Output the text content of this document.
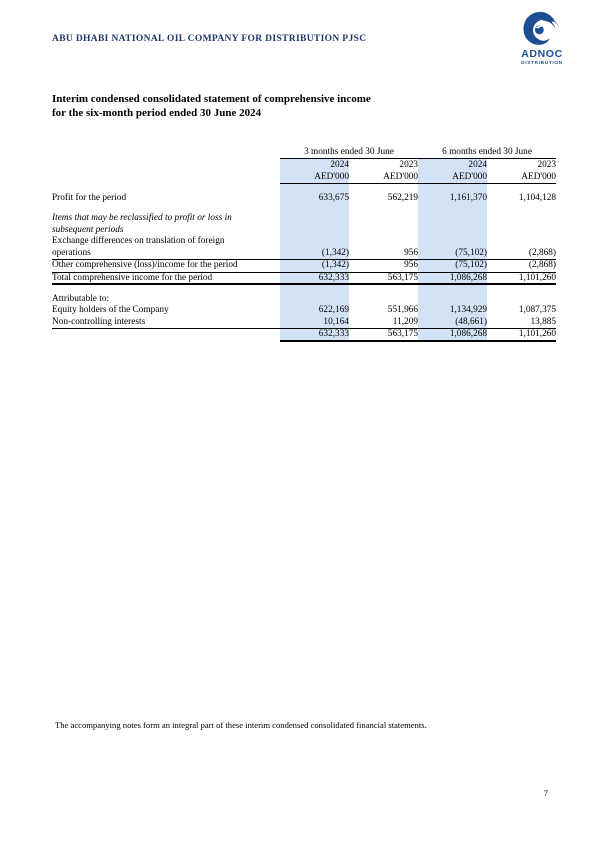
ABU DHABI NATIONAL OIL COMPANY FOR DISTRIBUTION PJSC
ADNOC
DISTRIBUTION
Interim condensed consolidated statement of comprehensive income
for the six-month period ended 30 June 2024
	3 months ended 30 June		6 months ended 30 June	
	2024	2023	2024	2023
	AED'000	AED'000	AED'000	AED'000

Profit for the period	633,675	562,219	1,161,370	1,104,128

Items that may be reclassified to profit or loss in				
subsequent periods				
Exchange differences on translation of foreign				
operations	(1,342)	956	(75,102)	(2,868)
Other comprehensive (loss)/income for the period	(1,342)	956	(75,102)	(2,868)
Total comprehensive income for the period	632,333	563,175	1,086,268	1,101,260

Attributable to:				
Equity holders of the Company	622,169	551,966	1,134,929	1,087,375
Non-controlling interests	10,164	11,209	(48,661)	13,885
	632,333	563,175	1,086,268	1,101,260
The accompanying notes form an integral part of these interim condensed consolidated financial statements.
7
